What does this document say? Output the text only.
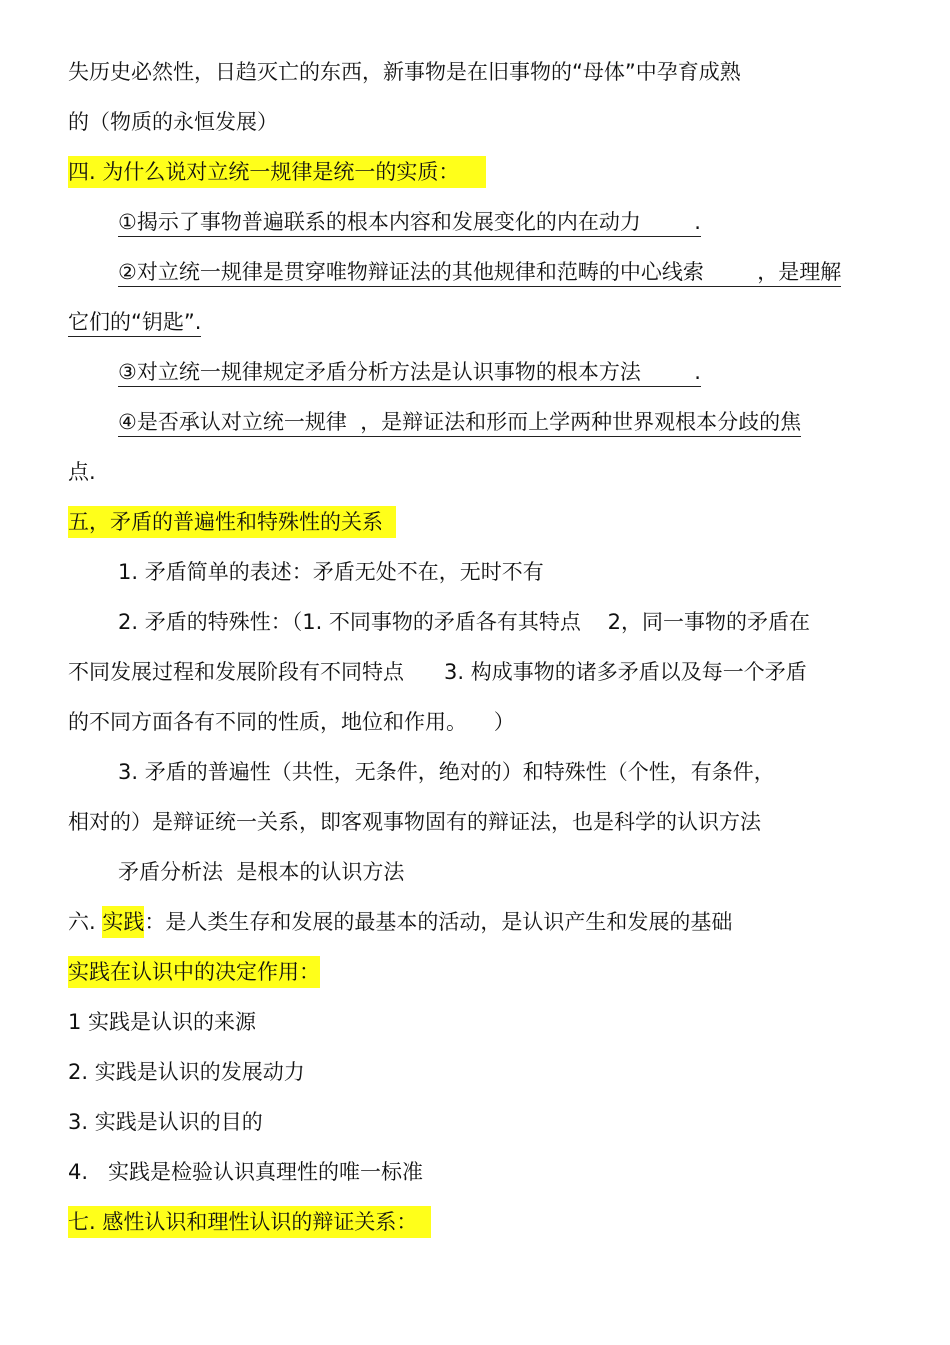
失历史必然性，日趋灭亡的东西，新事物是在旧事物的“母体”中孕育成熟
的（物质的永恒发展）
四. 为什么说对立统一规律是统一的实质：
①揭示了事物普遍联系的根本内容和发展变化的内在动力        .
②对立统一规律是贯穿唯物辩证法的其他规律和范畴的中心线索        ，是理解
它们的“钥匙”.
③对立统一规律规定矛盾分析方法是认识事物的根本方法        .
④是否承认对立统一规律  ，是辩证法和形而上学两种世界观根本分歧的焦
点.
五，矛盾的普遍性和特殊性的关系
1. 矛盾简单的表述：矛盾无处不在，无时不有
2. 矛盾的特殊性：（1. 不同事物的矛盾各有其特点    2，同一事物的矛盾在
不同发展过程和发展阶段有不同特点      3. 构成事物的诸多矛盾以及每一个矛盾
的不同方面各有不同的性质，地位和作用。    ）
3. 矛盾的普遍性（共性，无条件，绝对的）和特殊性（个性，有条件，
相对的）是辩证统一关系，即客观事物固有的辩证法，也是科学的认识方法
矛盾分析法  是根本的认识方法
六. 实践：是人类生存和发展的最基本的活动，是认识产生和发展的基础
实践在认识中的决定作用：
1 实践是认识的来源
2. 实践是认识的发展动力
3. 实践是认识的目的
4.   实践是检验认识真理性的唯一标准
七. 感性认识和理性认识的辩证关系：
